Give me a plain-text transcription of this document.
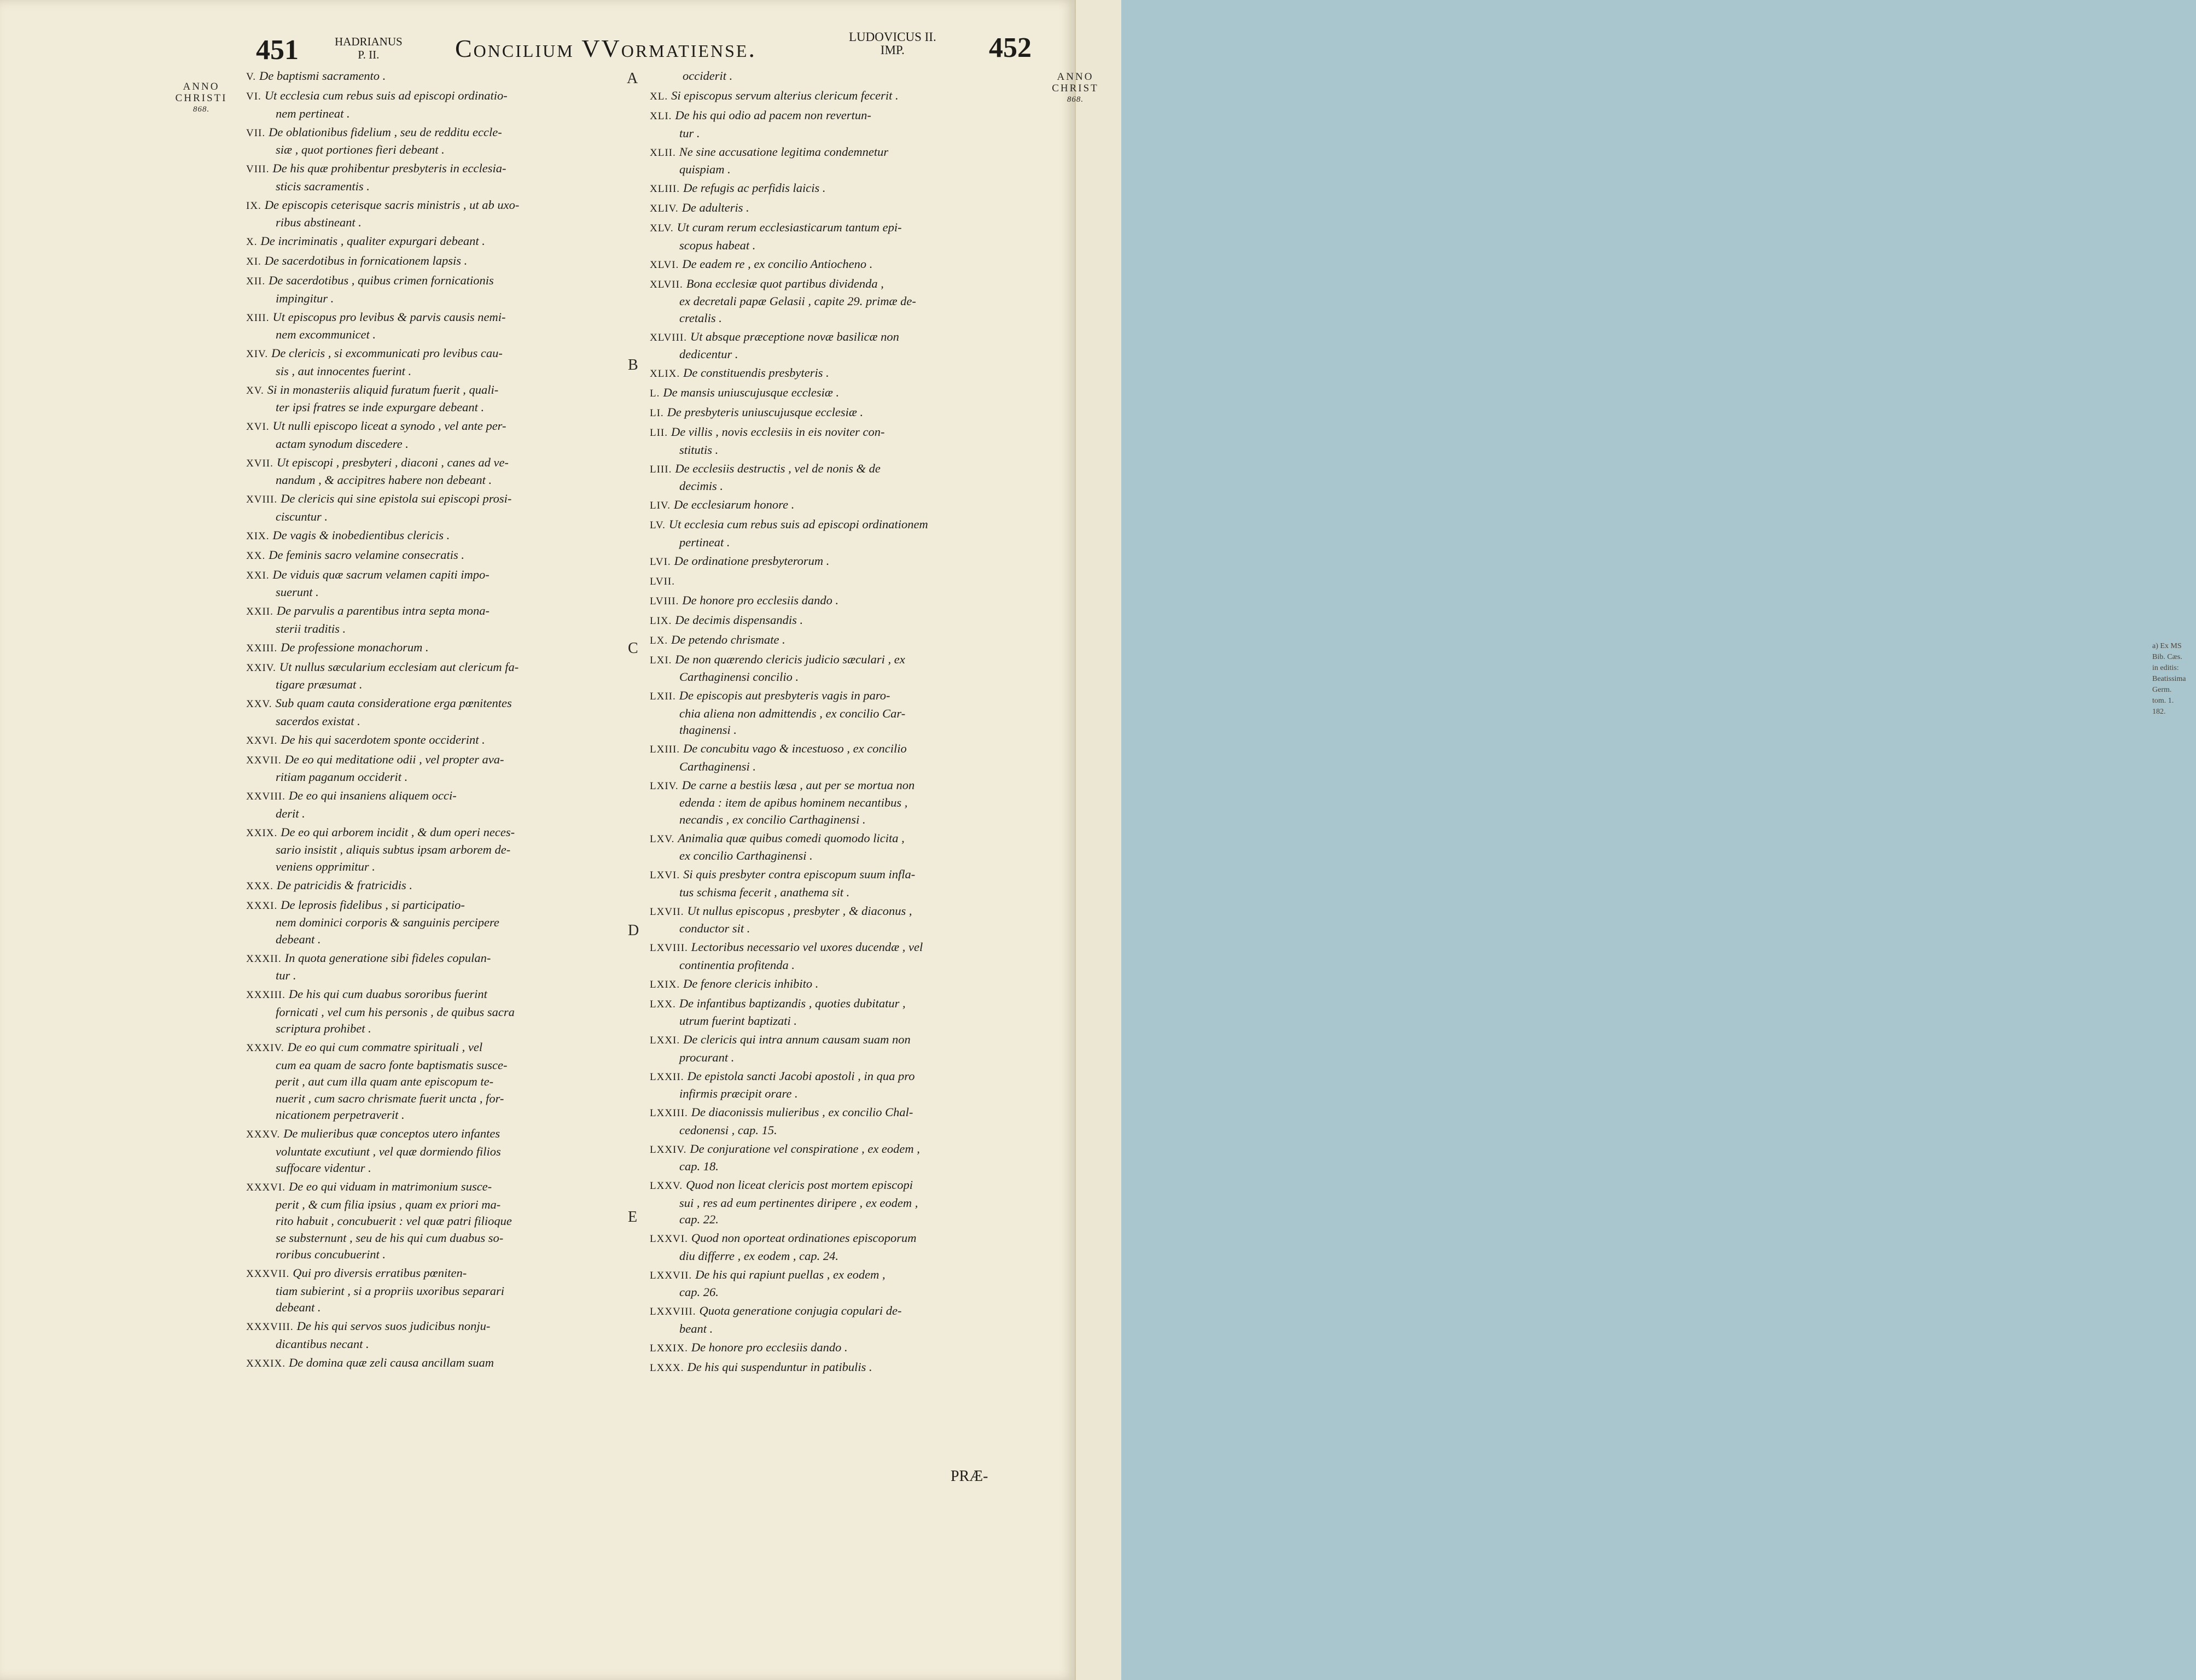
451	HADRIANUS
P. II.	Concilium VVormatiense.	LUDOVICUS II.
IMP.	452
ANNO
CHRISTI
868.
A
B
C
D
E
V. De baptismi sacramento .
VI. Ut ecclesia cum rebus suis ad episcopi ordinatio-
nem pertineat .
VII. De oblationibus fidelium , seu de redditu eccle-
siæ , quot portiones fieri debeant .
VIII. De his quæ prohibentur presbyteris in ecclesia-
sticis sacramentis .
IX. De episcopis ceterisque sacris ministris , ut ab uxo-
ribus abstineant .
X. De incriminatis , qualiter expurgari debeant .
XI. De sacerdotibus in fornicationem lapsis .
XII. De sacerdotibus , quibus crimen fornicationis
impingitur .
XIII. Ut episcopus pro levibus & parvis causis nemi-
nem excommunicet .
XIV. De clericis , si excommunicati pro levibus cau-
sis , aut innocentes fuerint .
XV. Si in monasteriis aliquid furatum fuerit , quali-
ter ipsi fratres se inde expurgare debeant .
XVI. Ut nulli episcopo liceat a synodo , vel ante per-
actam synodum discedere .
XVII. Ut episcopi , presbyteri , diaconi , canes ad ve-
nandum , & accipitres habere non debeant .
XVIII. De clericis qui sine epistola sui episcopi prosi-
ciscuntur .
XIX. De vagis & inobedientibus clericis .
XX. De feminis sacro velamine consecratis .
XXI. De viduis quæ sacrum velamen capiti impo-
suerunt .
XXII. De parvulis a parentibus intra septa mona-
sterii traditis .
XXIII. De professione monachorum .
XXIV. Ut nullus sæcularium ecclesiam aut clericum fa-
tigare præsumat .
XXV. Sub quam cauta consideratione erga pœnitentes
sacerdos existat .
XXVI. De his qui sacerdotem sponte occiderint .
XXVII. De eo qui meditatione odii , vel propter ava-
ritiam paganum occiderit .
XXVIII. De eo qui insaniens aliquem occi-
derit .
XXIX. De eo qui arborem incidit , & dum operi neces-
sario insistit , aliquis subtus ipsam arborem de-
veniens opprimitur .
XXX. De patricidis & fratricidis .
XXXI. De leprosis fidelibus , si participatio-
nem dominici corporis & sanguinis percipere
debeant .
XXXII. In quota generatione sibi fideles copulan-
tur .
XXXIII. De his qui cum duabus sororibus fuerint
fornicati , vel cum his personis , de quibus sacra
scriptura prohibet .
XXXIV. De eo qui cum commatre spirituali , vel
cum ea quam de sacro fonte baptismatis susce-
perit , aut cum illa quam ante episcopum te-
nuerit , cum sacro chrismate fuerit uncta , for-
nicationem perpetraverit .
XXXV. De mulieribus quæ conceptos utero infantes
voluntate excutiunt , vel quæ dormiendo filios
suffocare videntur .
XXXVI. De eo qui viduam in matrimonium susce-
perit , & cum filia ipsius , quam ex priori ma-
rito habuit , concubuerit : vel quæ patri filioque
se substernunt , seu de his qui cum duabus so-
roribus concubuerint .
XXXVII. Qui pro diversis erratibus pœniten-
tiam subierint , si a propriis uxoribus separari
debeant .
XXXVIII. De his qui servos suos judicibus nonju-
dicantibus necant .
XXXIX. De domina quæ zeli causa ancillam suam
occiderit .
XL. Si episcopus servum alterius clericum fecerit .
XLI. De his qui odio ad pacem non revertun-
tur .
XLII. Ne sine accusatione legitima condemnetur
quispiam .
XLIII. De refugis ac perfidis laicis .
XLIV. De adulteris .
XLV. Ut curam rerum ecclesiasticarum tantum epi-
scopus habeat .
XLVI. De eadem re , ex concilio Antiocheno .
XLVII. Bona ecclesiæ quot partibus dividenda ,
ex decretali papæ Gelasii , capite 29. primæ de-
cretalis .
XLVIII. Ut absque præceptione novæ basilicæ non
dedicentur .
XLIX. De constituendis presbyteris .
L. De mansis uniuscujusque ecclesiæ .
LI. De presbyteris uniuscujusque ecclesiæ .
LII. De villis , novis ecclesiis in eis noviter con-
stitutis .
LIII. De ecclesiis destructis , vel de nonis & de
decimis .
LIV. De ecclesiarum honore .
LV. Ut ecclesia cum rebus suis ad episcopi ordinationem
pertineat .
LVI. De ordinatione presbyterorum .
LVII.
LVIII. De honore pro ecclesiis dando .
LIX. De decimis dispensandis .
LX. De petendo chrismate .
LXI. De non quærendo clericis judicio sæculari , ex
Carthaginensi concilio .
LXII. De episcopis aut presbyteris vagis in paro-
chia aliena non admittendis , ex concilio Car-
thaginensi .
LXIII. De concubitu vago & incestuoso , ex concilio
Carthaginensi .
LXIV. De carne a bestiis læsa , aut per se mortua non
edenda : item de apibus hominem necantibus ,
necandis , ex concilio Carthaginensi .
LXV. Animalia quæ quibus comedi quomodo licita ,
ex concilio Carthaginensi .
LXVI. Si quis presbyter contra episcopum suum infla-
tus schisma fecerit , anathema sit .
LXVII. Ut nullus episcopus , presbyter , & diaconus ,
conductor sit .
LXVIII. Lectoribus necessario vel uxores ducendæ , vel
continentia profitenda .
LXIX. De fenore clericis inhibito .
LXX. De infantibus baptizandis , quoties dubitatur ,
utrum fuerint baptizati .
LXXI. De clericis qui intra annum causam suam non
procurant .
LXXII. De epistola sancti Jacobi apostoli , in qua pro
infirmis præcipit orare .
LXXIII. De diaconissis mulieribus , ex concilio Chal-
cedonensi , cap. 15.
LXXIV. De conjuratione vel conspiratione , ex eodem ,
cap. 18.
LXXV. Quod non liceat clericis post mortem episcopi
sui , res ad eum pertinentes diripere , ex eodem ,
cap. 22.
LXXVI. Quod non oporteat ordinationes episcoporum
diu differre , ex eodem , cap. 24.
LXXVII. De his qui rapiunt puellas , ex eodem ,
cap. 26.
LXXVIII. Quota generatione conjugia copulari de-
beant .
LXXIX. De honore pro ecclesiis dando .
LXXX. De his qui suspenduntur in patibulis .
PRÆ-
a) Ex MS
Bib. Cæs.
in editis:
Beatissima
Germ.
tom. 1.
182.
ANNO
CHRIST
868.
